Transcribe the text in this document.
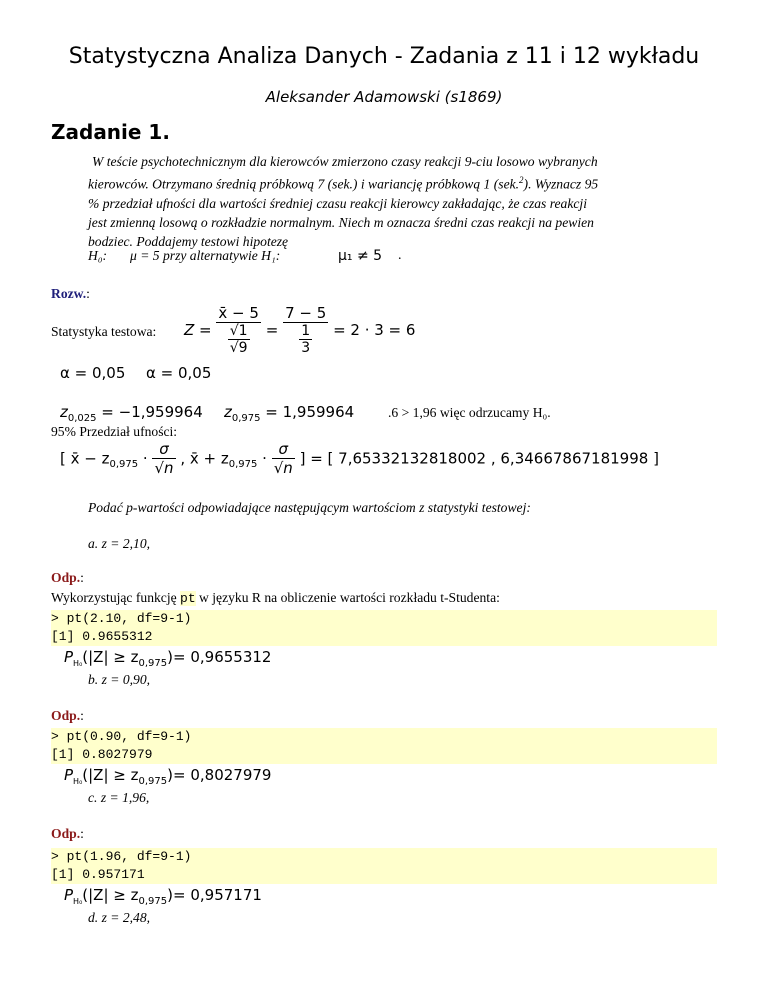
Statystyczna Analiza Danych - Zadania z 11 i 12 wykładu
Aleksander Adamowski (s1869)
Zadanie 1.
W teście psychotechnicznym dla kierowców zmierzono czasy reakcji 9-ciu losowo wybranych
kierowców. Otrzymano średnią próbkową 7 (sek.) i wariancję próbkową 1 (sek.$^2$). Wyznacz 95
% przedział ufności dla wartości średniej czasu reakcji kierowcy zakładając, że czas reakcji
jest zmienną losową o rozkładzie normalnym. Niech m oznacza średni czas reakcji na pewien
bodziec. Poddajemy testowi hipotezę
H₀: μ = 5 przy alternatywie H₁:	μ₁ ≠ 5 .
Rozw.:
Statystyka testowa: $Z = \frac{x̄ - 5}{\frac{√1}{√9}} = \frac{7 - 5}{\frac{1}{3}} = 2 \cdot 3 = 6$
α = 0,05 α = 0,05
$z_{0,025} = -1,959964$ $z_{0,975} = 1,959964$ .6 > 1,96 więc odrzucamy H₀.
95% Przedział ufności:
[ x̄ − $z_{0,975} \cdot \frac{\sigma}{√n}$ , x̄ + $z_{0,975} \cdot \frac{\sigma}{√n}$ ] = [ 7,65332132818002 , 6,34667867181998 ]
Podać p-wartości odpowiadające następującym wartościom z statystyki testowej:
a. z = 2,10,
Odp.:
Wykorzystując funkcję pt w języku R na obliczenie wartości rozkładu t-Studenta:
> pt(2.10, df=9-1)
[1] 0.9655312
$P_{H_0}(|Z| \ge z_{0,975})= 0,9655312$
b. z = 0,90,
Odp.:
> pt(0.90, df=9-1)
[1] 0.8027979
$P_{H_0}(|Z| \ge z_{0,975})= 0,8027979$
c. z = 1,96,
Odp.:
> pt(1.96, df=9-1)
[1] 0.957171
$P_{H_0}(|Z| \ge z_{0,975})= 0,957171$
d. z = 2,48,
